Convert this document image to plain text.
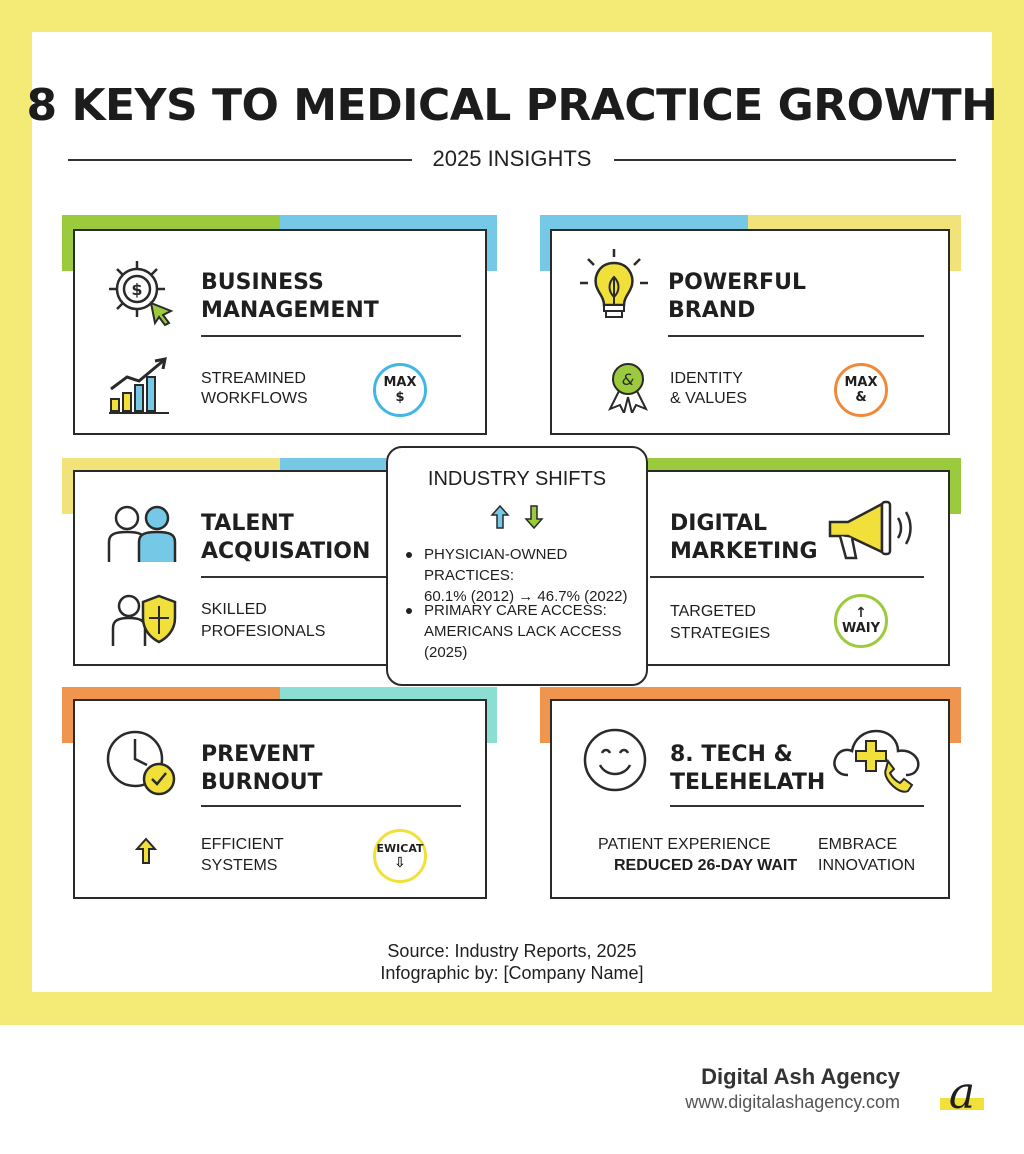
8 KEYS TO MEDICAL PRACTICE GROWTH
2025 INSIGHTS
$	BUSINESS
MANAGEMENT
STREAMINED
WORKFLOWS
MAX
$
POWERFUL
BRAND
& IDENTITY
& VALUES
MAX
&
TALENT
ACQUISATION
SKILLED
PROFESIONALS
DIGITAL
MARKETING
TARGETED
STRATEGIES
↑
WAIY
PREVENT
BURNOUT
EFFICIENT
SYSTEMS
EWICAT
⇩
8. TECH &
TELEHELATH
PATIENT EXPERIENCE
REDUCED 26-DAY WAIT
EMBRACE
INNOVATION
INDUSTRY SHIFTS
PHYSICIAN-OWNED PRACTICES:
60.1% (2012) → 46.7% (2022)
PRIMARY CARE ACCESS:
AMERICANS LACK ACCESS
(2025)
Source: Industry Reports, 2025
Infographic by: [Company Name]
Digital Ash Agency
www.digitalashagency.com a
